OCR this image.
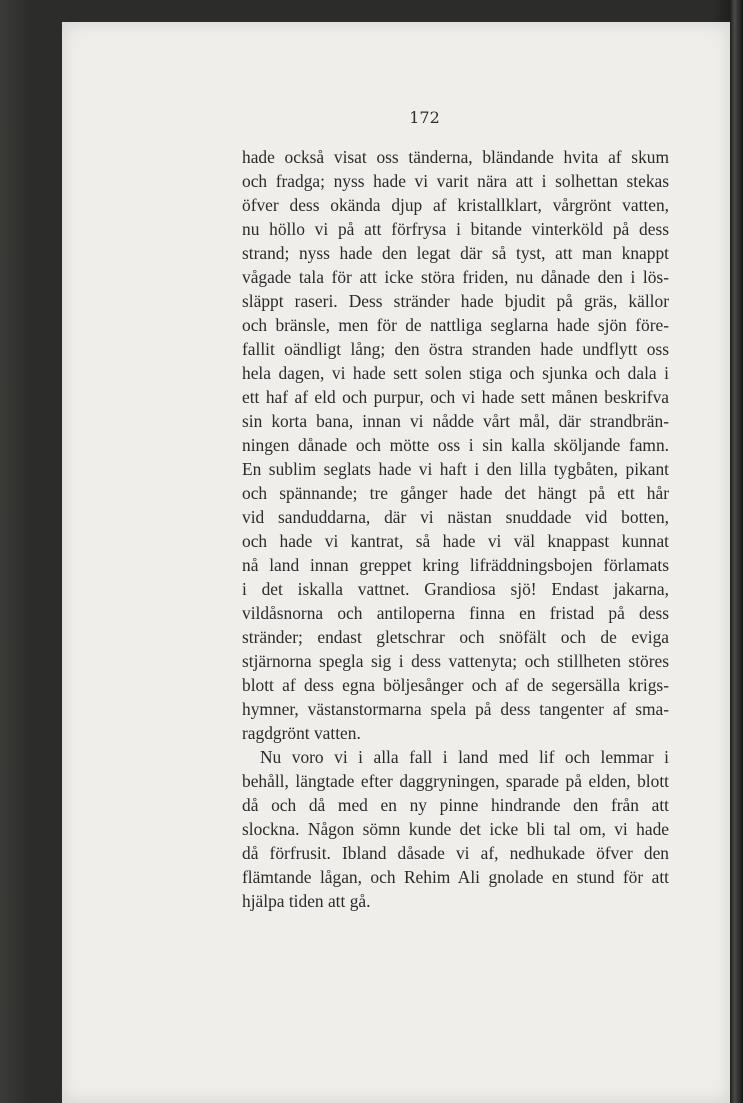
172

hade också visat oss tänderna, bländande hvita af skum
och fradga; nyss hade vi varit nära att i solhettan stekas
öfver dess okända djup af kristallklart, vårgrönt vatten,
nu höllo vi på att förfrysa i bitande vinterköld på dess
strand; nyss hade den legat där så tyst, att man knappt
vågade tala för att icke störa friden, nu dånade den i lös-
släppt raseri. Dess stränder hade bjudit på gräs, källor
och bränsle, men för de nattliga seglarna hade sjön före-
fallit oändligt lång; den östra stranden hade undflytt oss
hela dagen, vi hade sett solen stiga och sjunka och dala i
ett haf af eld och purpur, och vi hade sett månen beskrifva
sin korta bana, innan vi nådde vårt mål, där strandbrän-
ningen dånade och mötte oss i sin kalla sköljande famn.
En sublim seglats hade vi haft i den lilla tygbåten, pikant
och spännande; tre gånger hade det hängt på ett hår
vid sanduddarna, där vi nästan snuddade vid botten,
och hade vi kantrat, så hade vi väl knappast kunnat
nå land innan greppet kring lifräddningsbojen förlamats
i det iskalla vattnet. Grandiosa sjö! Endast jakarna,
vildåsnorna och antiloperna finna en fristad på dess
stränder; endast gletschrar och snöfält och de eviga
stjärnorna spegla sig i dess vattenyta; och stillheten störes
blott af dess egna böljesånger och af de segersälla krigs-
hymner, västanstormarna spela på dess tangenter af sma-
ragdgrönt vatten.
Nu voro vi i alla fall i land med lif och lemmar i
behåll, längtade efter daggryningen, sparade på elden, blott
då och då med en ny pinne hindrande den från att
slockna. Någon sömn kunde det icke bli tal om, vi hade
då förfrusit. Ibland dåsade vi af, nedhukade öfver den
flämtande lågan, och Rehim Ali gnolade en stund för att
hjälpa tiden att gå.
